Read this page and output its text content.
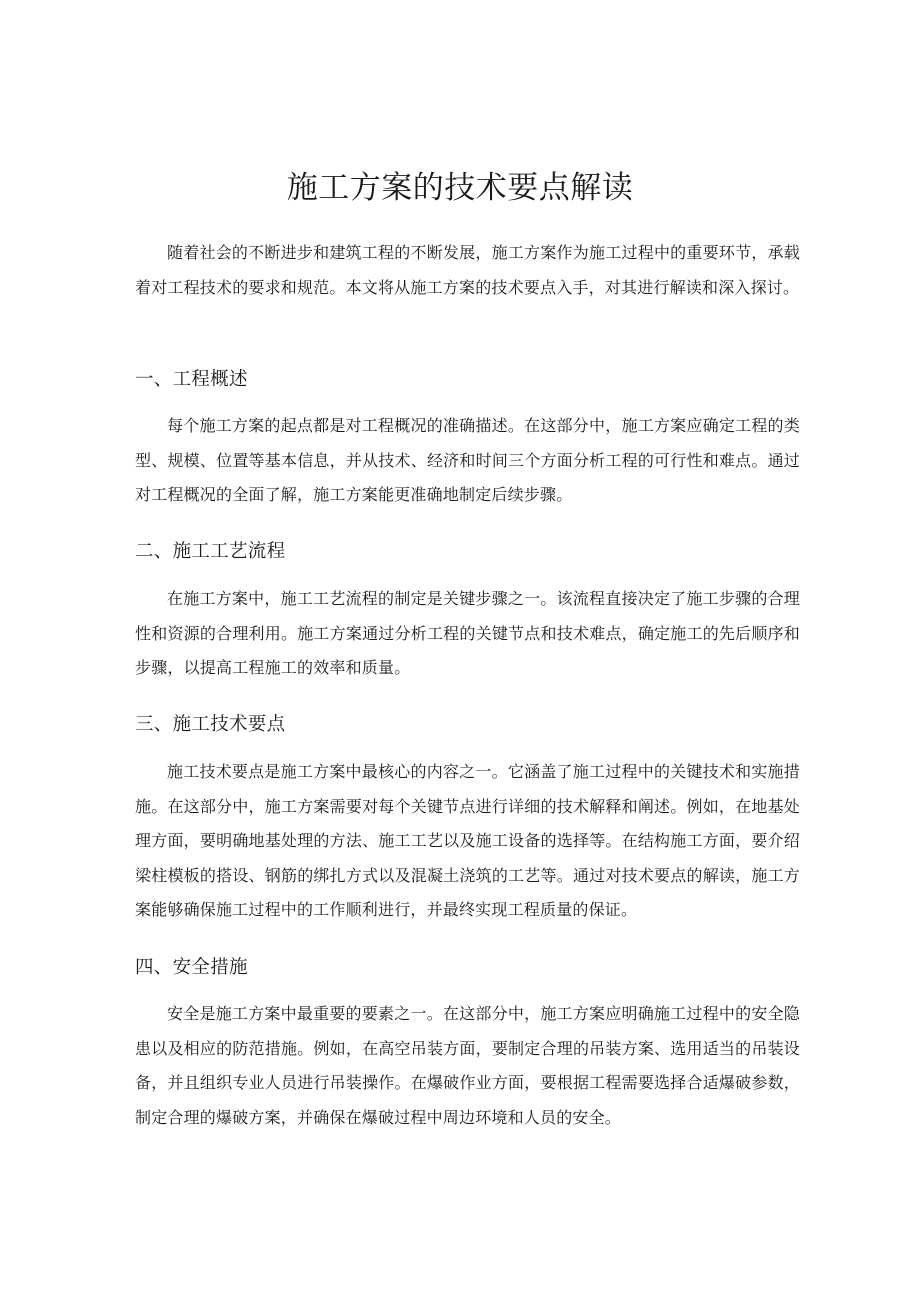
施工方案的技术要点解读

随着社会的不断进步和建筑工程的不断发展，施工方案作为施工过程中的重要环节，承载着对工程技术的要求和规范。本文将从施工方案的技术要点入手，对其进行解读和深入探讨。

一、工程概述

每个施工方案的起点都是对工程概况的准确描述。在这部分中，施工方案应确定工程的类型、规模、位置等基本信息，并从技术、经济和时间三个方面分析工程的可行性和难点。通过对工程概况的全面了解，施工方案能更准确地制定后续步骤。

二、施工工艺流程

在施工方案中，施工工艺流程的制定是关键步骤之一。该流程直接决定了施工步骤的合理性和资源的合理利用。施工方案通过分析工程的关键节点和技术难点，确定施工的先后顺序和步骤，以提高工程施工的效率和质量。

三、施工技术要点

施工技术要点是施工方案中最核心的内容之一。它涵盖了施工过程中的关键技术和实施措施。在这部分中，施工方案需要对每个关键节点进行详细的技术解释和阐述。例如，在地基处理方面，要明确地基处理的方法、施工工艺以及施工设备的选择等。在结构施工方面，要介绍梁柱模板的搭设、钢筋的绑扎方式以及混凝土浇筑的工艺等。通过对技术要点的解读，施工方案能够确保施工过程中的工作顺利进行，并最终实现工程质量的保证。

四、安全措施

安全是施工方案中最重要的要素之一。在这部分中，施工方案应明确施工过程中的安全隐患以及相应的防范措施。例如，在高空吊装方面，要制定合理的吊装方案、选用适当的吊装设备，并且组织专业人员进行吊装操作。在爆破作业方面，要根据工程需要选择合适爆破参数，制定合理的爆破方案，并确保在爆破过程中周边环境和人员的安全。
